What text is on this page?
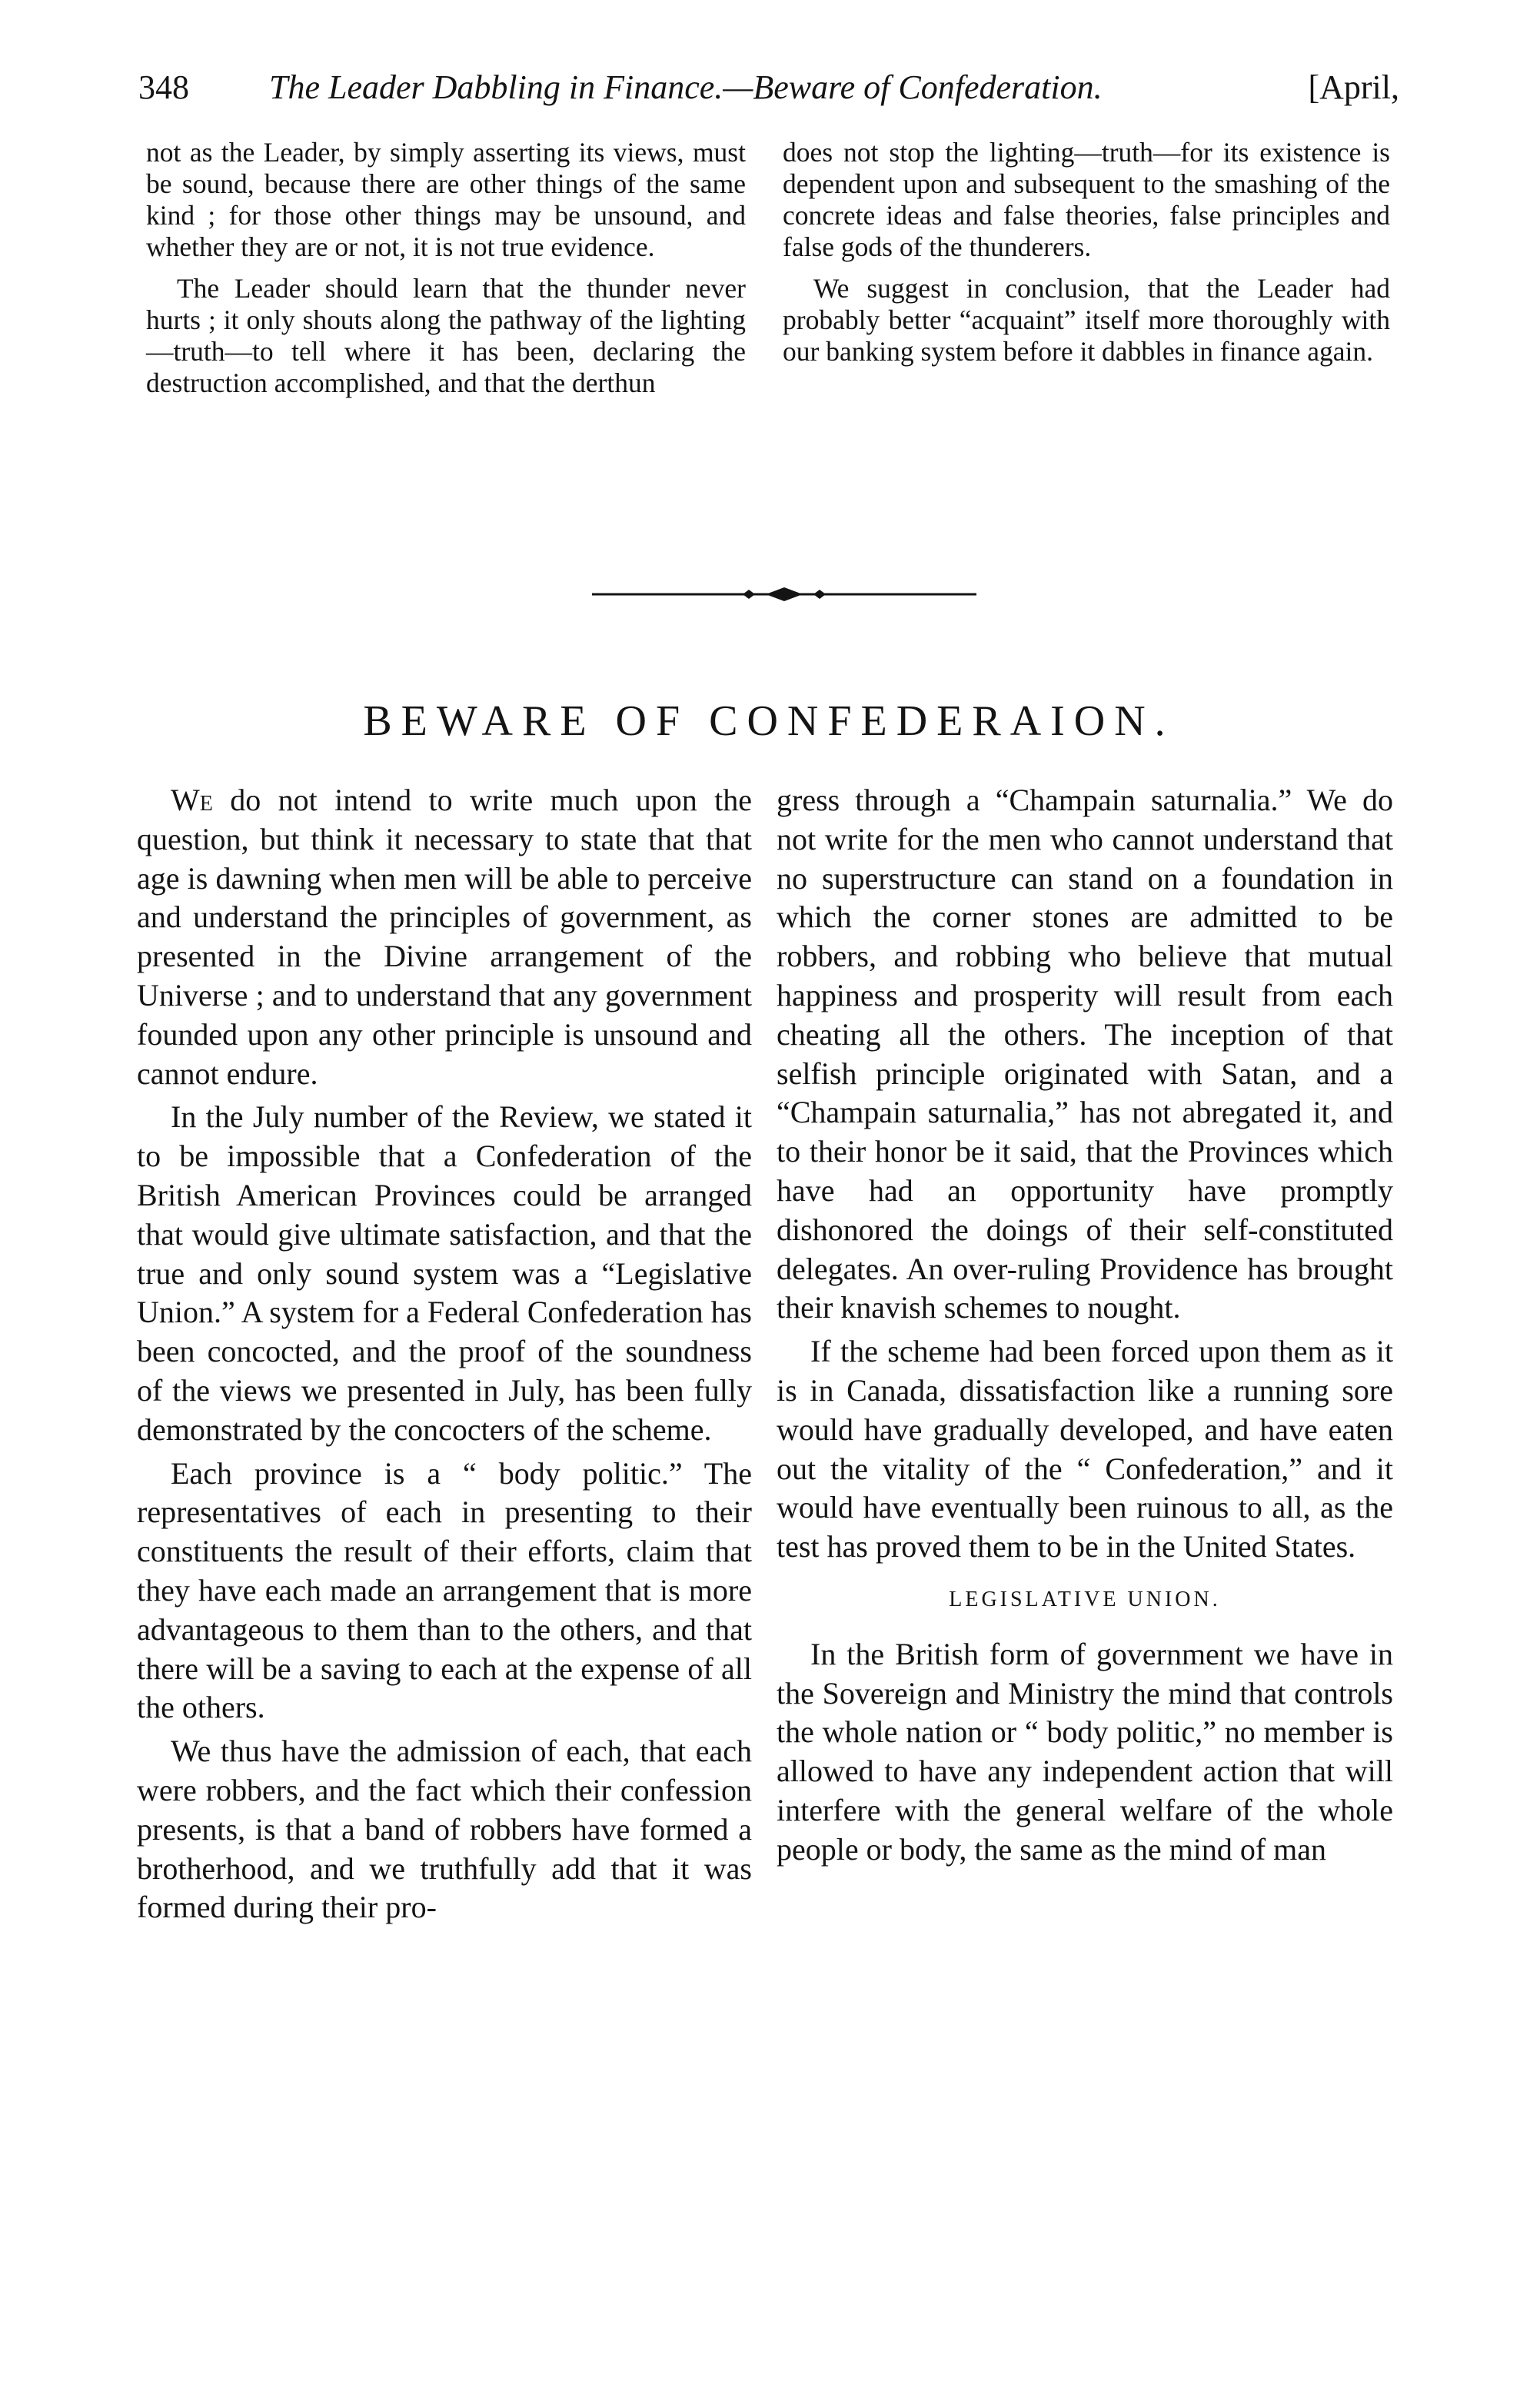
348 The Leader Dabbling in Finance.—Beware of Confederation.	[April,

not as the Leader, by simply asserting its views, must be sound, because there are other things of the same kind ; for those other things may be unsound, and whether they are or not, it is not true evidence.

The Leader should learn that the thunder never hurts ; it only shouts along the pathway of the lighting—truth—to tell where it has been, declaring the destruction accomplished, and that the derthun

does not stop the lighting—truth—for its existence is dependent upon and subsequent to the smashing of the concrete ideas and false theories, false principles and false gods of the thunderers.

We suggest in conclusion, that the Leader had probably better “acquaint” itself more thoroughly with our banking system before it dabbles in finance again.

BEWARE OF CONFEDERAION.

We do not intend to write much upon the question, but think it necessary to state that that age is dawning when men will be able to perceive and understand the principles of government, as presented in the Divine arrangement of the Universe ; and to understand that any government founded upon any other principle is unsound and cannot endure.

In the July number of the Review, we stated it to be impossible that a Confederation of the British American Provinces could be arranged that would give ultimate satisfaction, and that the true and only sound system was a “Legislative Union.” A system for a Federal Confederation has been concocted, and the proof of the soundness of the views we presented in July, has been fully demonstrated by the concocters of the scheme.

Each province is a “ body politic.” The representatives of each in presenting to their constituents the result of their efforts, claim that they have each made an arrangement that is more advantageous to them than to the others, and that there will be a saving to each at the expense of all the others.

We thus have the admission of each, that each were robbers, and the fact which their confession presents, is that a band of robbers have formed a brotherhood, and we truthfully add that it was formed during their pro-

gress through a “Champain saturnalia.” We do not write for the men who cannot understand that no superstructure can stand on a foundation in which the corner stones are admitted to be robbers, and robbing who believe that mutual happiness and prosperity will result from each cheating all the others. The inception of that selfish principle originated with Satan, and a “Champain saturnalia,” has not abregated it, and to their honor be it said, that the Provinces which have had an opportunity have promptly dishonored the doings of their self-constituted delegates. An over-ruling Providence has brought their knavish schemes to nought.

If the scheme had been forced upon them as it is in Canada, dissatisfaction like a running sore would have gradually developed, and have eaten out the vitality of the “ Confederation,” and it would have eventually been ruinous to all, as the test has proved them to be in the United States.

LEGISLATIVE UNION.

In the British form of government we have in the Sovereign and Ministry the mind that controls the whole nation or “ body politic,” no member is allowed to have any independent action that will interfere with the general welfare of the whole people or body, the same as the mind of man
